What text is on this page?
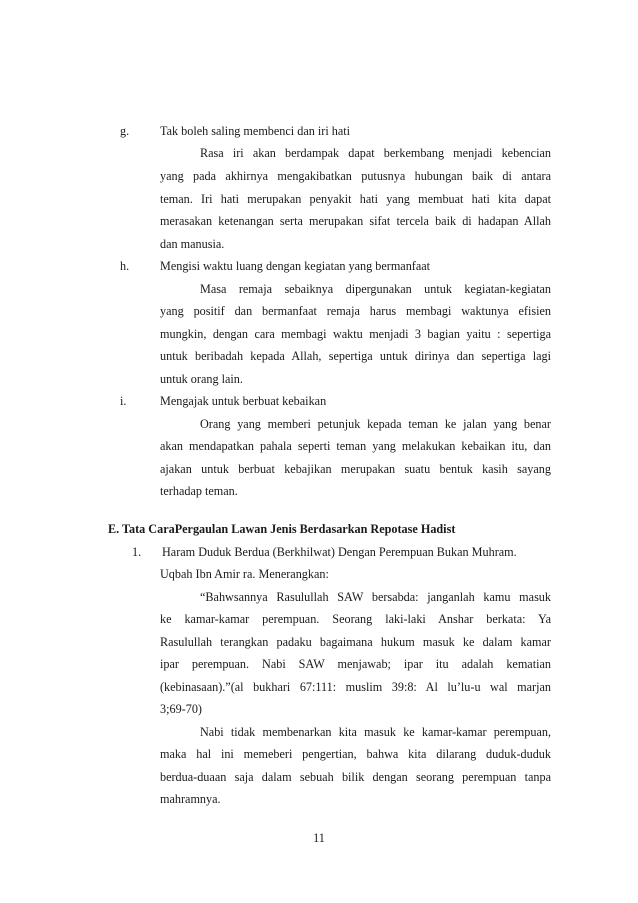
g.	Tak boleh saling membenci dan iri hati
Rasa iri akan berdampak dapat berkembang menjadi kebencian
yang pada akhirnya mengakibatkan putusnya hubungan baik di antara
teman. Iri hati merupakan penyakit hati yang membuat hati kita dapat
merasakan ketenangan serta merupakan sifat tercela baik di hadapan Allah
dan manusia.
h.	Mengisi waktu luang dengan kegiatan yang bermanfaat
Masa remaja sebaiknya dipergunakan untuk kegiatan-kegiatan
yang positif dan bermanfaat remaja harus membagi waktunya efisien
mungkin, dengan cara membagi waktu menjadi 3 bagian yaitu : sepertiga
untuk beribadah kepada Allah, sepertiga untuk dirinya dan sepertiga lagi
untuk orang lain.
i.	Mengajak untuk berbuat kebaikan
Orang yang memberi petunjuk kepada teman ke jalan yang benar
akan mendapatkan pahala seperti teman yang melakukan kebaikan itu, dan
ajakan untuk berbuat kebajikan merupakan suatu bentuk kasih sayang
terhadap teman.
E. Tata CaraPergaulan Lawan Jenis Berdasarkan Repotase Hadist
1. Haram Duduk Berdua (Berkhilwat) Dengan Perempuan Bukan Muhram.
Uqbah Ibn Amir ra. Menerangkan:
“Bahwsannya Rasulullah SAW bersabda: janganlah kamu masuk
ke kamar-kamar perempuan. Seorang laki-laki Anshar berkata: Ya
Rasulullah terangkan padaku bagaimana hukum masuk ke dalam kamar
ipar perempuan. Nabi SAW menjawab; ipar itu adalah kematian
(kebinasaan).”(al bukhari 67:111: muslim 39:8: Al lu’lu-u wal marjan
3;69-70)
Nabi tidak membenarkan kita masuk ke kamar-kamar perempuan,
maka hal ini memeberi pengertian, bahwa kita dilarang duduk-duduk
berdua-duaan saja dalam sebuah bilik dengan seorang perempuan tanpa
mahramnya.
11
